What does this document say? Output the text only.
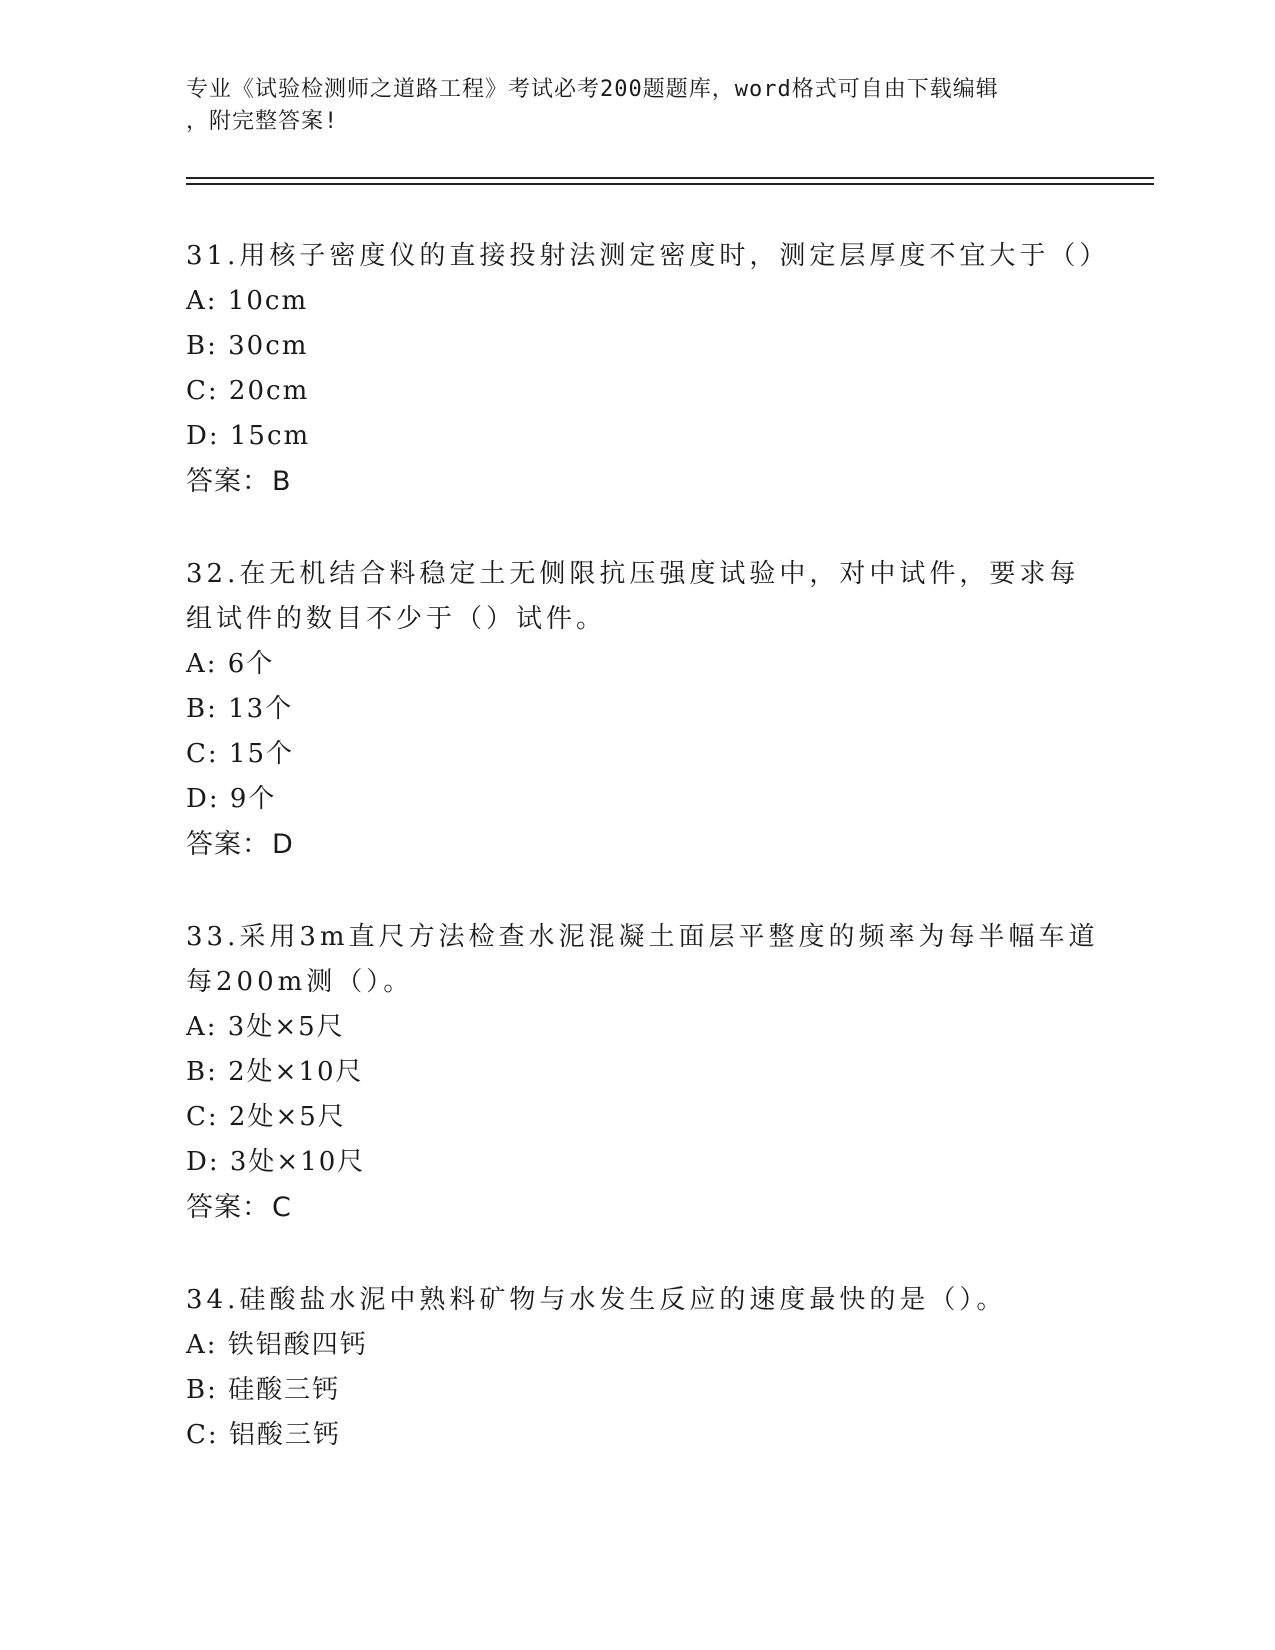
专业《试验检测师之道路工程》考试必考200题题库，word格式可自由下载编辑
，附完整答案!
31.用核子密度仪的直接投射法测定密度时，测定层厚度不宜大于（）
A: 10cm
B: 30cm
C: 20cm
D: 15cm
答案：B
32.在无机结合料稳定土无侧限抗压强度试验中，对中试件，要求每组试件的数目不少于（）试件。
A: 6个
B: 13个
C: 15个
D: 9个
答案：D
33.采用3m直尺方法检查水泥混凝土面层平整度的频率为每半幅车道每200m测（）。
A: 3处×5尺
B: 2处×10尺
C: 2处×5尺
D: 3处×10尺
答案：C
34.硅酸盐水泥中熟料矿物与水发生反应的速度最快的是（）。
A: 铁铝酸四钙
B: 硅酸三钙
C: 铝酸三钙
